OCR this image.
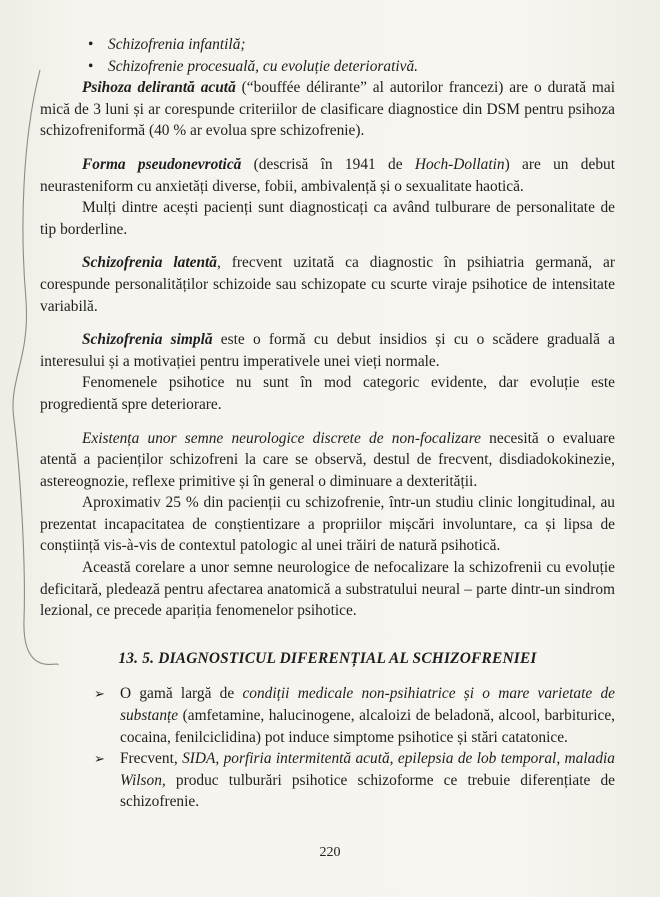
• Schizofrenia infantilă;
• Schizofrenie procesuală, cu evoluție deteriorativă.

Psihoza delirantă acută (“bouffée délirante” al autorilor francezi) are o durată mai mică de 3 luni și ar corespunde criteriilor de clasificare diagnostice din DSM pentru psihoza schizofreniformă (40 % ar evolua spre schizofrenie).

Forma pseudonevrotică (descrisă în 1941 de Hoch-Dollatin) are un debut neurasteniform cu anxietăți diverse, fobii, ambivalență și o sexualitate haotică.

Mulți dintre acești pacienți sunt diagnosticați ca având tulburare de personalitate de tip borderline.

Schizofrenia latentă, frecvent uzitată ca diagnostic în psihiatria germană, ar corespunde personalităților schizoide sau schizopate cu scurte viraje psihotice de intensitate variabilă.

Schizofrenia simplă este o formă cu debut insidios și cu o scădere graduală a interesului și a motivației pentru imperativele unei vieți normale.

Fenomenele psihotice nu sunt în mod categoric evidente, dar evoluție este progredientă spre deteriorare.

Existența unor semne neurologice discrete de non-focalizare necesită o evaluare atentă a pacienților schizofreni la care se observă, destul de frecvent, disdiadokokinezie, astereognozie, reflexe primitive și în general o diminuare a dexterității.

Aproximativ 25 % din pacienții cu schizofrenie, într-un studiu clinic longitudinal, au prezentat incapacitatea de conștientizare a propriilor mișcări involuntare, ca și lipsa de conștiință vis-à-vis de contextul patologic al unei trăiri de natură psihotică.

Această corelare a unor semne neurologice de nefocalizare la schizofrenii cu evoluție deficitară, pledează pentru afectarea anatomică a substratului neural – parte dintr-un sindrom lezional, ce precede apariția fenomenelor psihotice.

13. 5. DIAGNOSTICUL DIFERENȚIAL AL SCHIZOFRENIEI
➢ O gamă largă de condiții medicale non-psihiatrice și o mare varietate de substanțe (amfetamine, halucinogene, alcaloizi de beladonă, alcool, barbiturice, cocaina, fenilciclidina) pot induce simptome psihotice și stări catatonice.
➢ Frecvent, SIDA, porfiria intermitentă acută, epilepsia de lob temporal, maladia Wilson, produc tulburări psihotice schizoforme ce trebuie diferențiate de schizofrenie.
220
